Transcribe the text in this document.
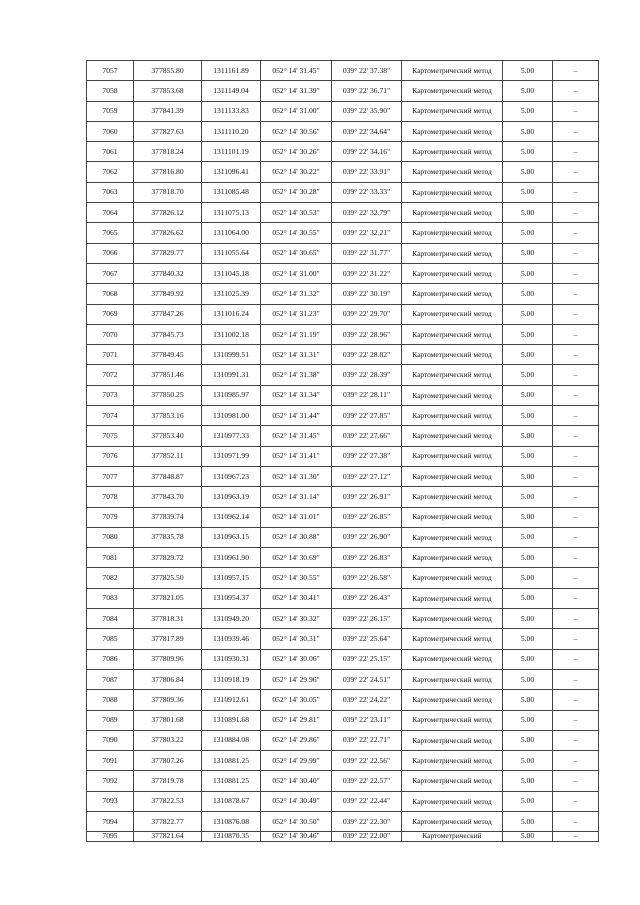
7057	377855.80	1311161.89	052° 14' 31.45"	039° 22' 37.38"	Картометрический метод	5.00	–
7058	377853.68	1311149.04	052° 14' 31.39"	039° 22' 36.71"	Картометрический метод	5.00	–
7059	377841.39	1311133.83	052° 14' 31.00"	039° 22' 35.90"	Картометрический метод	5.00	–
7060	377827.63	1311110.20	052° 14' 30.56"	039° 22' 34.64"	Картометрический метод	5.00	–
7061	377818.24	1311101.19	052° 14' 30.26"	039° 22' 34.16"	Картометрический метод	5.00	–
7062	377816.80	1311096.41	052° 14' 30.22"	039° 22' 33.91"	Картометрический метод	5.00	–
7063	377818.70	1311085.48	052° 14' 30.28"	039° 22' 33.33"	Картометрический метод	5.00	–
7064	377826.12	1311075.13	052° 14' 30.53"	039° 22' 32.79"	Картометрический метод	5.00	–
7065	377826.62	1311064.00	052° 14' 30.55"	039° 22' 32.21"	Картометрический метод	5.00	–
7066	377829.77	1311055.64	052° 14' 30.65"	039° 22' 31.77"	Картометрический метод	5.00	–
7067	377840.32	1311045.18	052° 14' 31.00"	039° 22' 31.22"	Картометрический метод	5.00	–
7068	377849.92	1311025.39	052° 14' 31.32"	039° 22' 30.19"	Картометрический метод	5.00	–
7069	377847.26	1311016.24	052° 14' 31.23"	039° 22' 29.70"	Картометрический метод	5.00	–
7070	377845.73	1311002.18	052° 14' 31.19"	039° 22' 28.96"	Картометрический метод	5.00	–
7071	377849.45	1310999.51	052° 14' 31.31"	039° 22' 28.82"	Картометрический метод	5.00	–
7072	377851.46	1310991.31	052° 14' 31.38"	039° 22' 28.39"	Картометрический метод	5.00	–
7073	377850.25	1310985.97	052° 14' 31.34"	039° 22' 28.11"	Картометрический метод	5.00	–
7074	377853.16	1310981.00	052° 14' 31.44"	039° 22' 27.85"	Картометрический метод	5.00	–
7075	377853.40	1310977.33	052° 14' 31.45"	039° 22' 27.66"	Картометрический метод	5.00	–
7076	377852.11	1310971.99	052° 14' 31.41"	039° 22' 27.38"	Картометрический метод	5.00	–
7077	377848.87	1310967.23	052° 14' 31.30"	039° 22' 27.12"	Картометрический метод	5.00	–
7078	377843.70	1310963.19	052° 14' 31.14"	039° 22' 26.91"	Картометрический метод	5.00	–
7079	377839.74	1310962.14	052° 14' 31.01"	039° 22' 26.85"	Картометрический метод	5.00	–
7080	377835.78	1310963.15	052° 14' 30.88"	039° 22' 26.90"	Картометрический метод	5.00	–
7081	377829.72	1310961.90	052° 14' 30.69"	039° 22' 26.83"	Картометрический метод	5.00	–
7082	377825.50	1310957.15	052° 14' 30.55"	039° 22' 26.58"	Картометрический метод	5.00	–
7083	377821.05	1310954.37	052° 14' 30.41"	039° 22' 26.43"	Картометрический метод	5.00	–
7084	377818.31	1310949.20	052° 14' 30.32"	039° 22' 26.15"	Картометрический метод	5.00	–
7085	377817.89	1310939.46	052° 14' 30.31"	039° 22' 25.64"	Картометрический метод	5.00	–
7086	377809.96	1310930.31	052° 14' 30.06"	039° 22' 25.15"	Картометрический метод	5.00	–
7087	377806.84	1310918.19	052° 14' 29.96"	039° 22' 24.51"	Картометрический метод	5.00	–
7088	377809.36	1310912.61	052° 14' 30.05"	039° 22' 24.22"	Картометрический метод	5.00	–
7089	377801.68	1310891.68	052° 14' 29.81"	039° 22' 23.11"	Картометрический метод	5.00	–
7090	377803.22	1310884.08	052° 14' 29.86"	039° 22' 22.71"	Картометрический метод	5.00	–
7091	377807.26	1310881.25	052° 14' 29.99"	039° 22' 22.56"	Картометрический метод	5.00	–
7092	377819.78	1310881.25	052° 14' 30.40"	039° 22' 22.57"	Картометрический метод	5.00	–
7093	377822.53	1310878.67	052° 14' 30.49"	039° 22' 22.44"	Картометрический метод	5.00	–
7094	377822.77	1310876.08	052° 14' 30.50"	039° 22' 22.30"	Картометрический метод	5.00	–
7095	377821.64	1310870.35	052° 14' 30.46"	039° 22' 22.00"	Картометрический	5.00	–
